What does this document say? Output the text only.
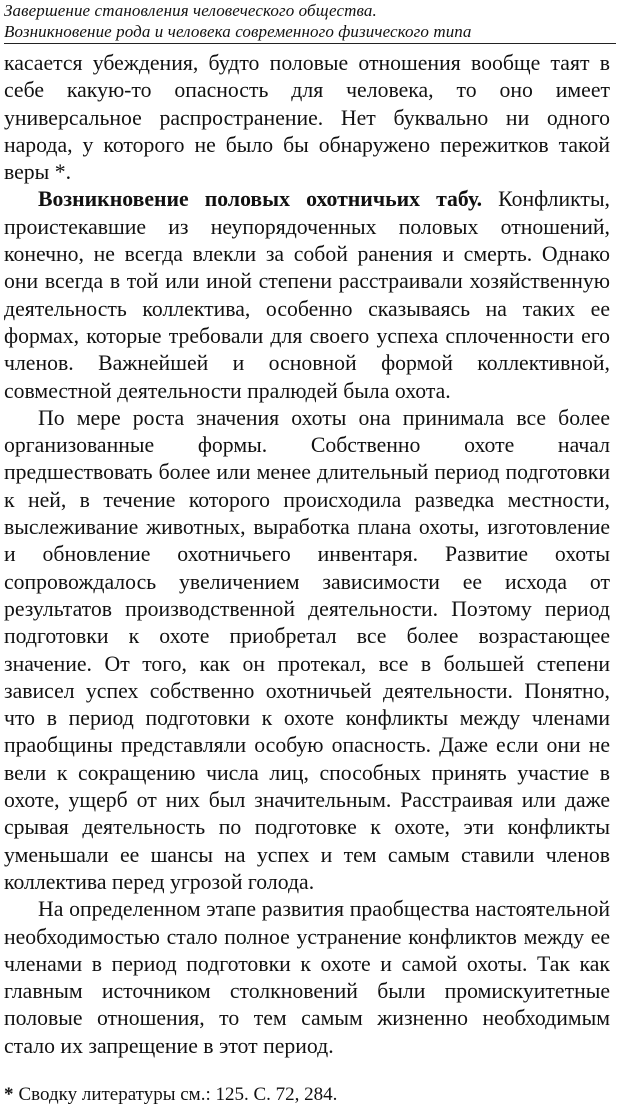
Завершение становления человеческого общества.
Возникновение рода и человека современного физического типа

касается убеждения, будто половые отношения вообще таят в себе какую-то опасность для человека, то оно имеет универсальное распространение. Нет буквально ни одного народа, у которого не было бы обнаружено пережитков такой веры *.

Возникновение половых охотничьих табу. Конфликты, проистекавшие из неупорядоченных половых отношений, конечно, не всегда влекли за собой ранения и смерть. Однако они всегда в той или иной степени расстраивали хозяйственную деятельность коллектива, особенно сказываясь на таких ее формах, которые требовали для своего успеха сплоченности его членов. Важнейшей и основной формой коллективной, совместной деятельности пралюдей была охота.

По мере роста значения охоты она принимала все более организованные формы. Собственно охоте начал предшествовать более или менее длительный период подготовки к ней, в течение которого происходила разведка местности, выслеживание животных, выработка плана охоты, изготовление и обновление охотничьего инвентаря. Развитие охоты сопровождалось увеличением зависимости ее исхода от результатов производственной деятельности. Поэтому период подготовки к охоте приобретал все более возрастающее значение. От того, как он протекал, все в большей степени зависел успех собственно охотничьей деятельности. Понятно, что в период подготовки к охоте конфликты между членами праобщины представляли особую опасность. Даже если они не вели к сокращению числа лиц, способных принять участие в охоте, ущерб от них был значительным. Расстраивая или даже срывая деятельность по подготовке к охоте, эти конфликты уменьшали ее шансы на успех и тем самым ставили членов коллектива перед угрозой голода.

На определенном этапе развития праобщества настоятельной необходимостью стало полное устранение конфликтов между ее членами в период подготовки к охоте и самой охоты. Так как главным источником столкновений были промискуитетные половые отношения, то тем самым жизненно необходимым стало их запрещение в этот период.

* Сводку литературы см.: 125. С. 72, 284.
